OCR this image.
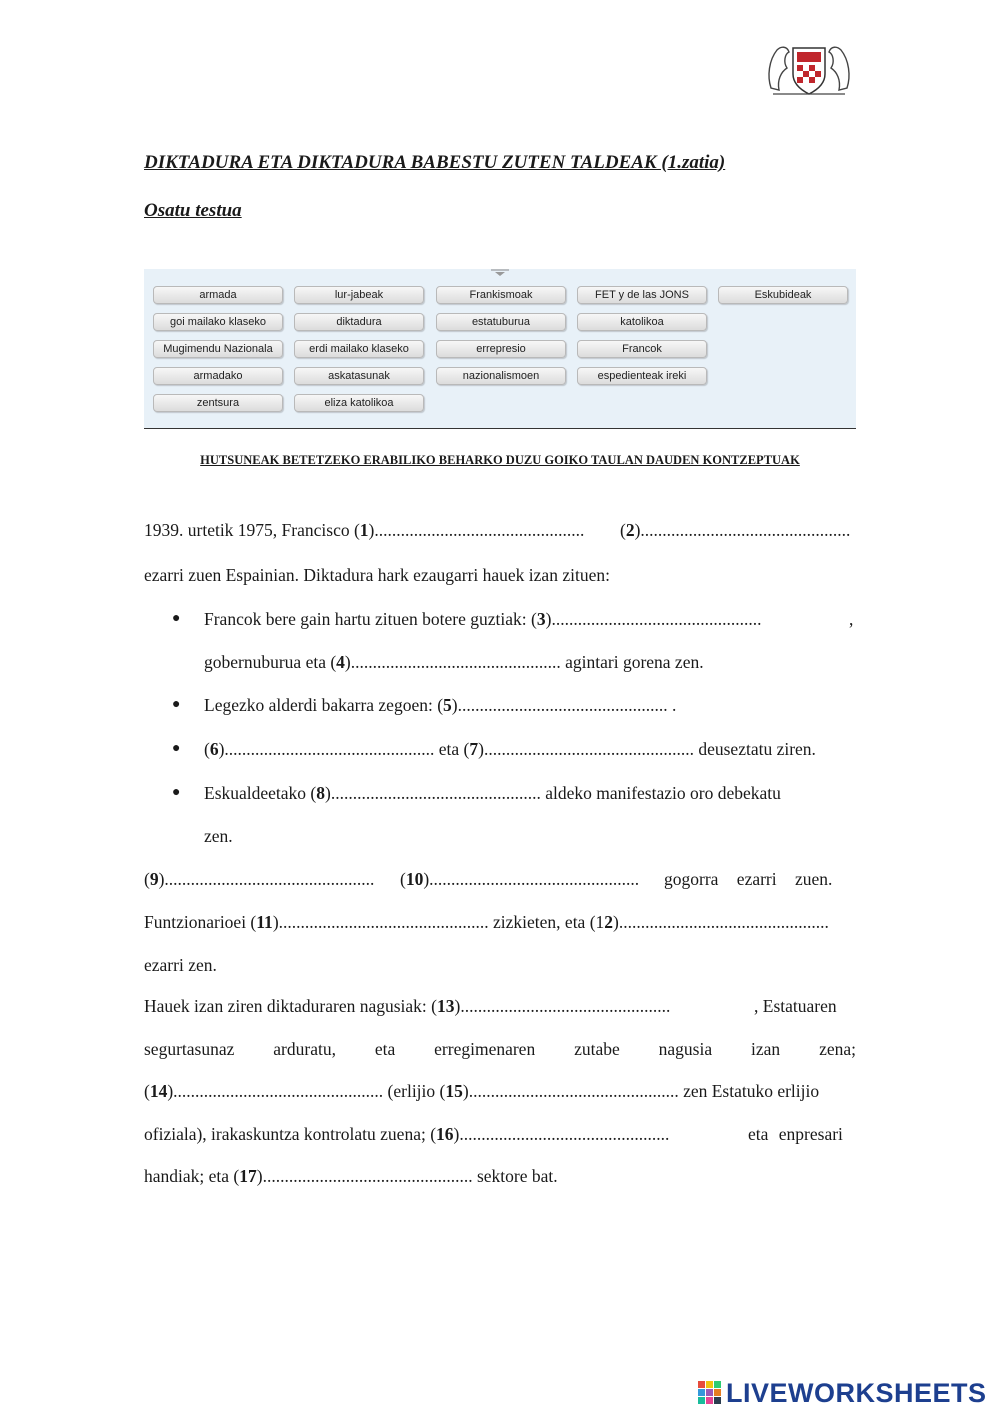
DIKTADURA ETA DIKTADURA BABESTU ZUTEN TALDEAK (1.zatia)
Osatu testua
armada	lur-jabeak	Frankismoak	FET y de las JONS	Eskubideak
goi mailako klaseko	diktadura	estatuburua	katolikoa
Mugimendu Nazionala	erdi mailako klaseko	errepresio	Francok
armadako	askatasunak	nazionalismoen	espedienteak ireki
zentsura	eliza katolikoa

HUTSUNEAK BETETZEKO ERABILIKO BEHARKO DUZU GOIKO TAULAN DAUDEN KONTZEPTUAK

1939. urtetik 1975, Francisco (1)................................................ (2)................................................

ezarri zuen Espainian. Diktadura hark ezaugarri hauek izan zituen:

● Francok bere gain hartu zituen botere guztiak: (3)................................................	,

gobernuburua eta (4)................................................ agintari gorena zen.

● Legezko alderdi bakarra zegoen: (5)................................................ .

● (6)................................................ eta (7)................................................ deuseztatu ziren.

● Eskualdeetako (8)................................................ aldeko manifestazio oro debekatu

zen.

(9)................................................ (10)................................................ gogorra ezarri zuen.

Funtzionarioei (11)................................................ zizkieten, eta (12)................................................

ezarri zen.

Hauek izan ziren diktaduraren nagusiak: (13)................................................	, Estatuaren

segurtasunaz arduratu, eta erregimenaren zutabe nagusia izan zena;

(14)................................................ (erlijio (15)................................................ zen Estatuko erlijio

ofiziala), irakaskuntza kontrolatu zuena; (16)................................................	eta enpresari

handiak; eta (17)................................................ sektore bat.

LIVEWORKSHEETS
